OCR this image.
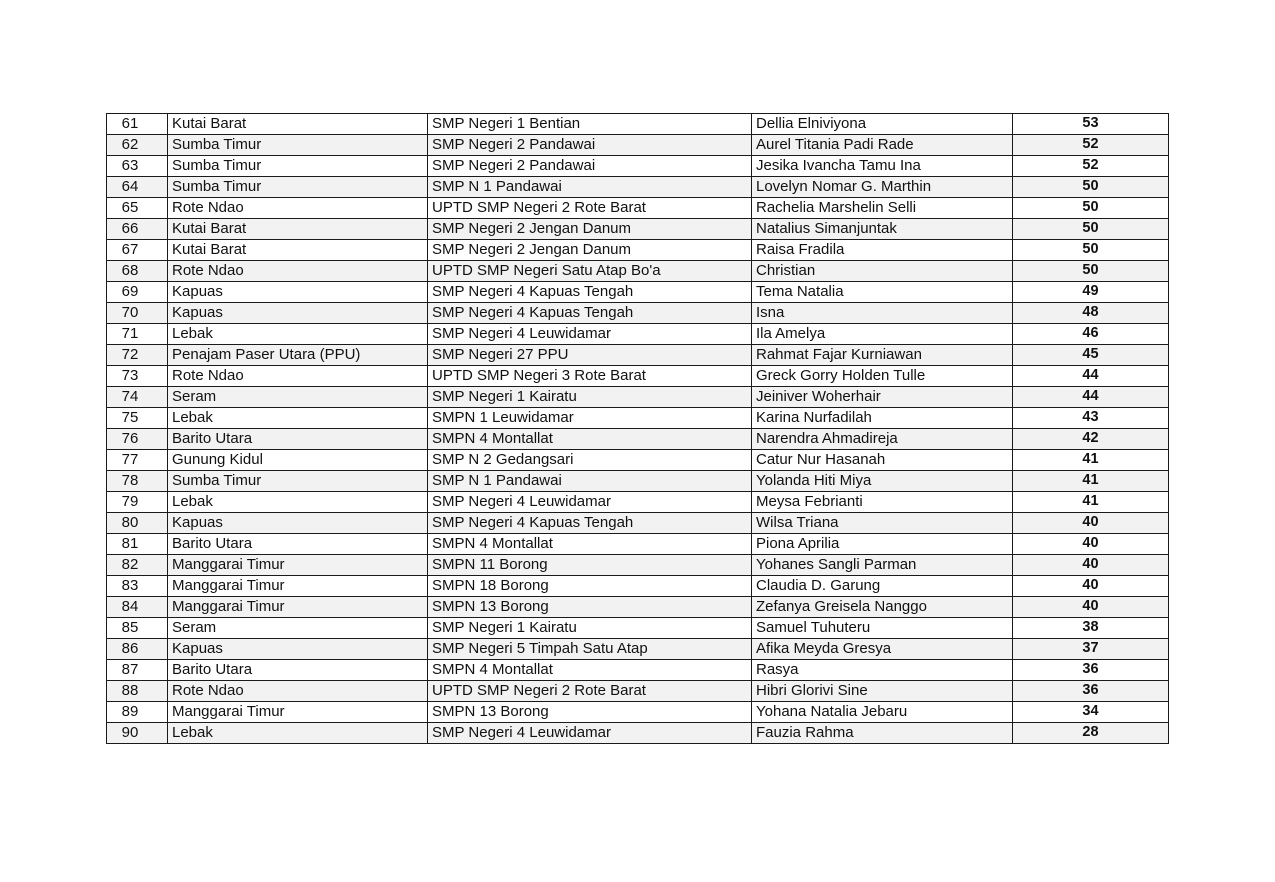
61	Kutai Barat	SMP Negeri 1 Bentian	Dellia Elniviyona	53
62	Sumba Timur	SMP Negeri 2 Pandawai	Aurel Titania Padi Rade	52
63	Sumba Timur	SMP Negeri 2 Pandawai	Jesika Ivancha Tamu Ina	52
64	Sumba Timur	SMP N 1 Pandawai	Lovelyn Nomar G. Marthin	50
65	Rote Ndao	UPTD SMP Negeri 2 Rote Barat	Rachelia Marshelin Selli	50
66	Kutai Barat	SMP Negeri 2 Jengan Danum	Natalius Simanjuntak	50
67	Kutai Barat	SMP Negeri 2 Jengan Danum	Raisa Fradila	50
68	Rote Ndao	UPTD SMP Negeri Satu Atap Bo'a	Christian	50
69	Kapuas	SMP Negeri 4 Kapuas Tengah	Tema Natalia	49
70	Kapuas	SMP Negeri 4 Kapuas Tengah	Isna	48
71	Lebak	SMP Negeri 4 Leuwidamar	Ila Amelya	46
72	Penajam Paser Utara (PPU)	SMP Negeri 27 PPU	Rahmat Fajar Kurniawan	45
73	Rote Ndao	UPTD SMP Negeri 3 Rote Barat	Greck Gorry Holden Tulle	44
74	Seram	SMP Negeri 1 Kairatu	Jeiniver Woherhair	44
75	Lebak	SMPN 1 Leuwidamar	Karina Nurfadilah	43
76	Barito Utara	SMPN 4 Montallat	Narendra Ahmadireja	42
77	Gunung Kidul	SMP N 2 Gedangsari	Catur Nur Hasanah	41
78	Sumba Timur	SMP N 1 Pandawai	Yolanda Hiti Miya	41
79	Lebak	SMP Negeri 4 Leuwidamar	Meysa Febrianti	41
80	Kapuas	SMP Negeri 4 Kapuas Tengah	Wilsa Triana	40
81	Barito Utara	SMPN 4 Montallat	Piona Aprilia	40
82	Manggarai Timur	SMPN 11 Borong	Yohanes Sangli Parman	40
83	Manggarai Timur	SMPN 18 Borong	Claudia D. Garung	40
84	Manggarai Timur	SMPN 13 Borong	Zefanya Greisela Nanggo	40
85	Seram	SMP Negeri 1 Kairatu	Samuel Tuhuteru	38
86	Kapuas	SMP Negeri 5 Timpah Satu Atap	Afika Meyda Gresya	37
87	Barito Utara	SMPN 4 Montallat	Rasya	36
88	Rote Ndao	UPTD SMP Negeri 2 Rote Barat	Hibri Glorivi Sine	36
89	Manggarai Timur	SMPN 13 Borong	Yohana Natalia Jebaru	34
90	Lebak	SMP Negeri 4 Leuwidamar	Fauzia Rahma	28
